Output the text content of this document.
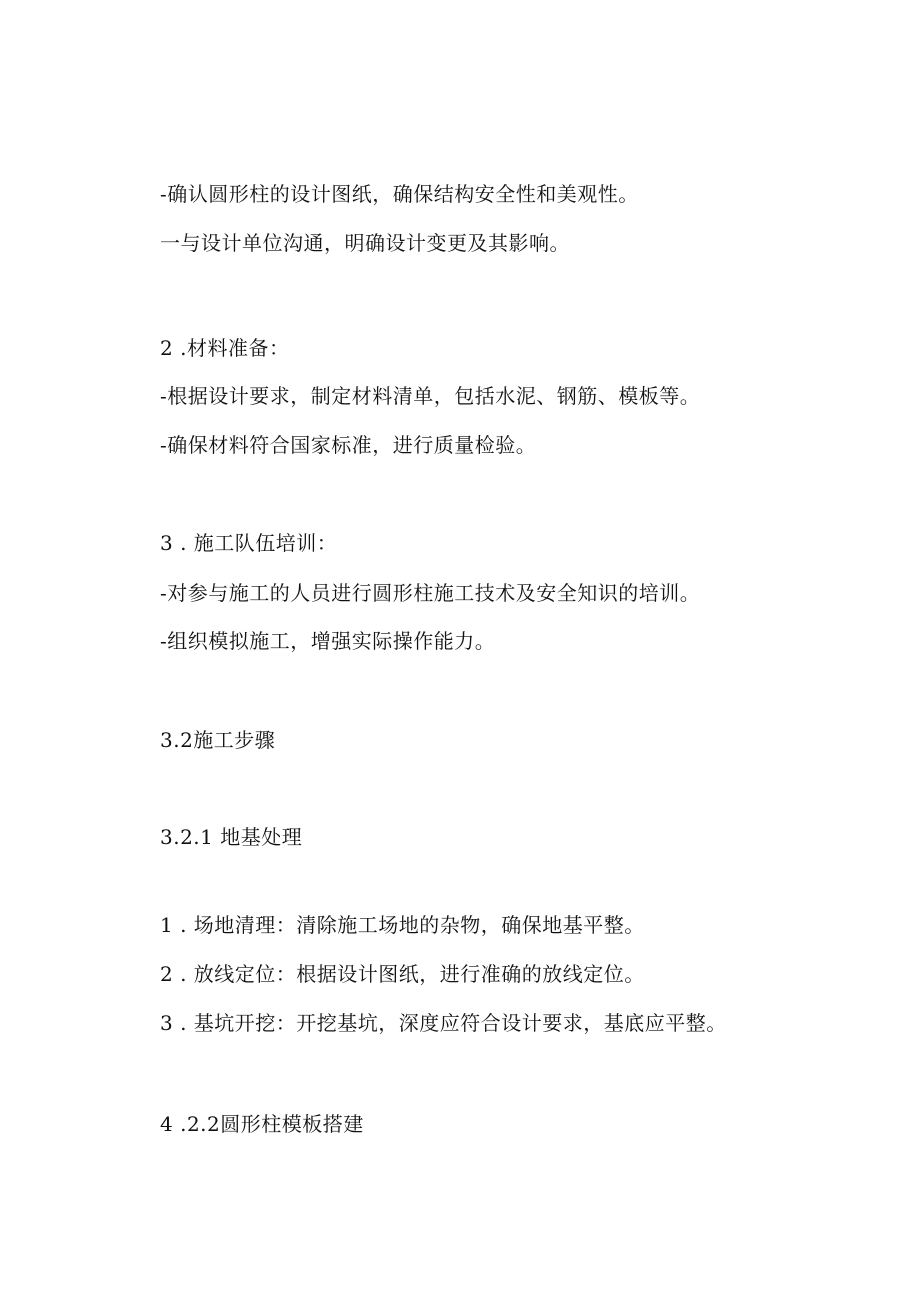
-确认圆形柱的设计图纸，确保结构安全性和美观性。

一与设计单位沟通，明确设计变更及其影响。

2 .材料准备：

-根据设计要求，制定材料清单，包括水泥、钢筋、模板等。

-确保材料符合国家标准，进行质量检验。

3 . 施工队伍培训：

-对参与施工的人员进行圆形柱施工技术及安全知识的培训。

-组织模拟施工，增强实际操作能力。

3.2施工步骤

3.2.1 地基处理

1 . 场地清理：清除施工场地的杂物，确保地基平整。

2 . 放线定位：根据设计图纸，进行准确的放线定位。

3 . 基坑开挖：开挖基坑，深度应符合设计要求，基底应平整。

4 .2.2圆形柱模板搭建
